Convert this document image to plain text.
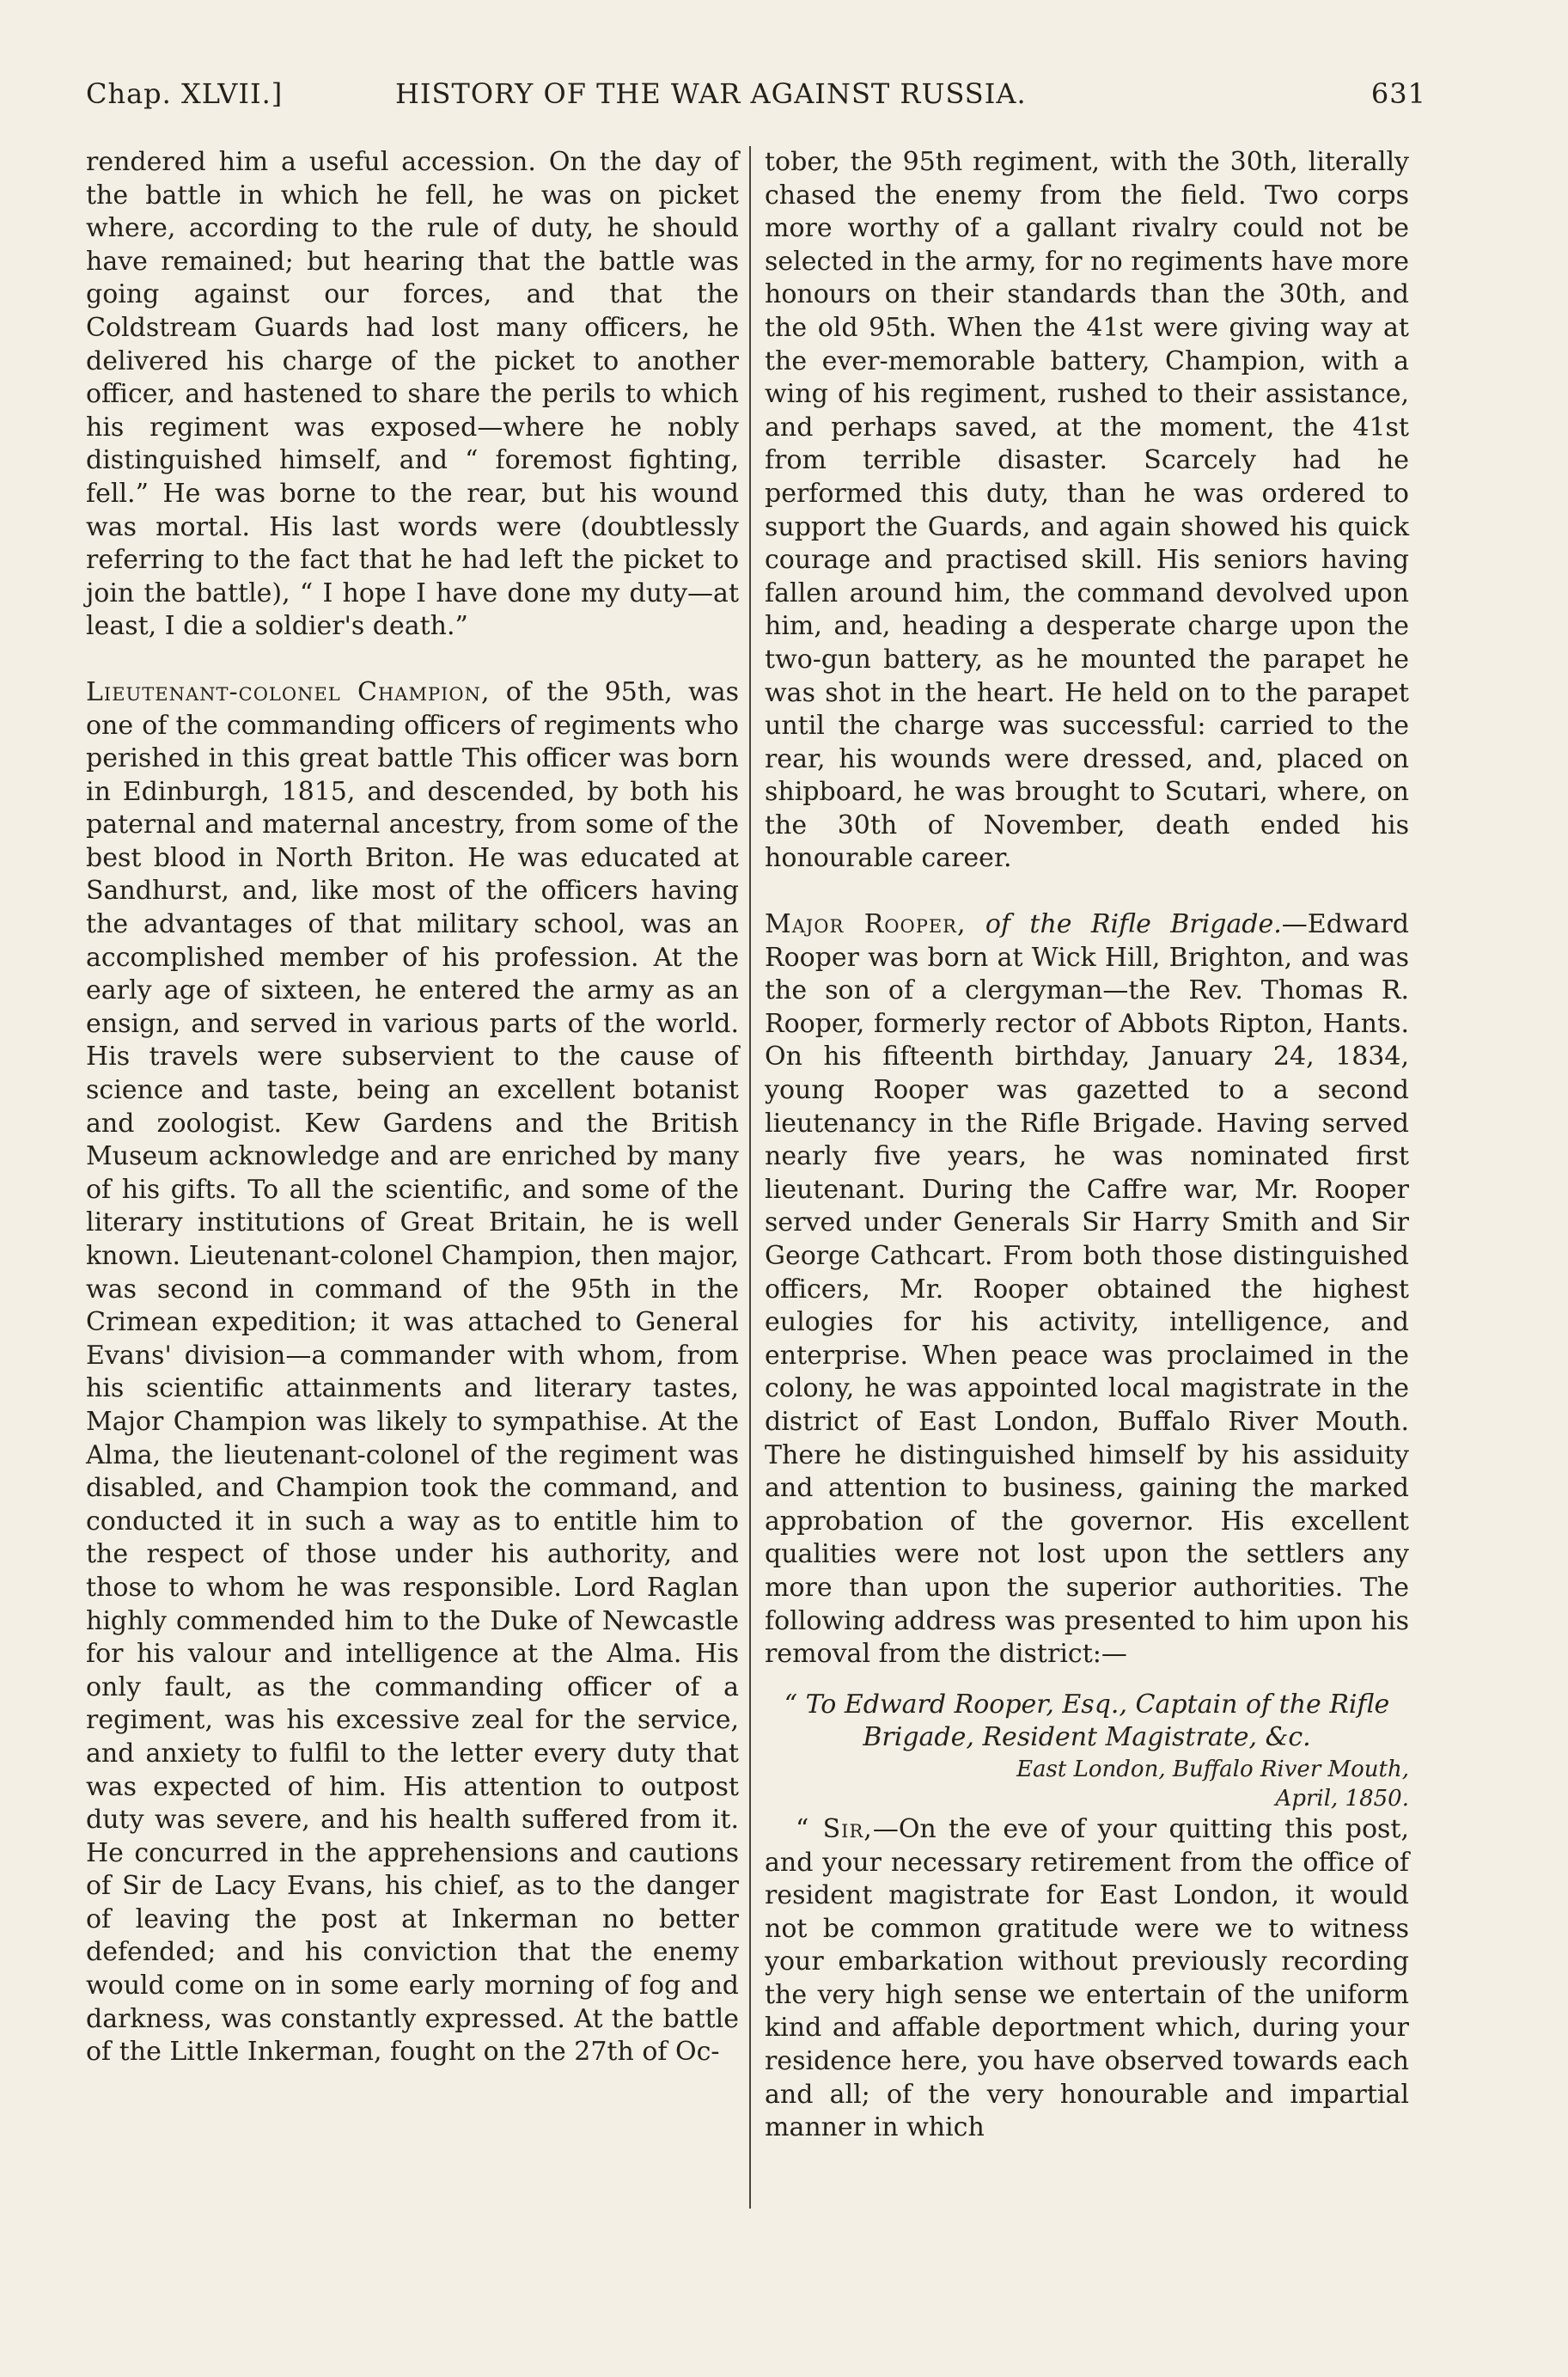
Chap. XLVII.]	HISTORY OF THE WAR AGAINST RUSSIA.	631

rendered him a useful accession. On the day of the battle in which he fell, he was on picket where, according to the rule of duty, he should have remained; but hearing that the battle was going against our forces, and that the Coldstream Guards had lost many officers, he delivered his charge of the picket to another officer, and hastened to share the perils to which his regiment was exposed—where he nobly distinguished himself, and “ foremost fighting, fell.” He was borne to the rear, but his wound was mortal. His last words were (doubtlessly referring to the fact that he had left the picket to join the battle), “ I hope I have done my duty—at least, I die a soldier's death.”

Lieutenant-colonel Champion, of the 95th, was one of the commanding officers of regiments who perished in this great battle This officer was born in Edinburgh, 1815, and descended, by both his paternal and maternal ancestry, from some of the best blood in North Briton. He was educated at Sandhurst, and, like most of the officers having the advantages of that military school, was an accomplished member of his profession. At the early age of sixteen, he entered the army as an ensign, and served in various parts of the world. His travels were subservient to the cause of science and taste, being an excellent botanist and zoologist. Kew Gardens and the British Museum acknowledge and are enriched by many of his gifts. To all the scientific, and some of the literary institutions of Great Britain, he is well known. Lieutenant-colonel Champion, then major, was second in command of the 95th in the Crimean expedition; it was attached to General Evans' division—a commander with whom, from his scientific attainments and literary tastes, Major Champion was likely to sympathise. At the Alma, the lieutenant-colonel of the regiment was disabled, and Champion took the command, and conducted it in such a way as to entitle him to the respect of those under his authority, and those to whom he was responsible. Lord Raglan highly commended him to the Duke of Newcastle for his valour and intelligence at the Alma. His only fault, as the commanding officer of a regiment, was his excessive zeal for the service, and anxiety to fulfil to the letter every duty that was expected of him. His attention to outpost duty was severe, and his health suffered from it. He concurred in the apprehensions and cautions of Sir de Lacy Evans, his chief, as to the danger of leaving the post at Inkerman no better defended; and his conviction that the enemy would come on in some early morning of fog and darkness, was constantly expressed. At the battle of the Little Inkerman, fought on the 27th of Oc-

tober, the 95th regiment, with the 30th, literally chased the enemy from the field. Two corps more worthy of a gallant rivalry could not be selected in the army, for no regiments have more honours on their standards than the 30th, and the old 95th. When the 41st were giving way at the ever-memorable battery, Champion, with a wing of his regiment, rushed to their assistance, and perhaps saved, at the moment, the 41st from terrible disaster. Scarcely had he performed this duty, than he was ordered to support the Guards, and again showed his quick courage and practised skill. His seniors having fallen around him, the command devolved upon him, and, heading a desperate charge upon the two-gun battery, as he mounted the parapet he was shot in the heart. He held on to the parapet until the charge was successful: carried to the rear, his wounds were dressed, and, placed on shipboard, he was brought to Scutari, where, on the 30th of November, death ended his honourable career.

Major Rooper, of the Rifle Brigade.—Edward Rooper was born at Wick Hill, Brighton, and was the son of a clergyman—the Rev. Thomas R. Rooper, formerly rector of Abbots Ripton, Hants. On his fifteenth birthday, January 24, 1834, young Rooper was gazetted to a second lieutenancy in the Rifle Brigade. Having served nearly five years, he was nominated first lieutenant. During the Caffre war, Mr. Rooper served under Generals Sir Harry Smith and Sir George Cathcart. From both those distinguished officers, Mr. Rooper obtained the highest eulogies for his activity, intelligence, and enterprise. When peace was proclaimed in the colony, he was appointed local magistrate in the district of East London, Buffalo River Mouth. There he distinguished himself by his assiduity and attention to business, gaining the marked approbation of the governor. His excellent qualities were not lost upon the settlers any more than upon the superior authorities. The following address was presented to him upon his removal from the district:—

“ To Edward Rooper, Esq., Captain of the Rifle Brigade, Resident Magistrate, &c.

East London, Buffalo River Mouth,

April, 1850.

“ Sir,—On the eve of your quitting this post, and your necessary retirement from the office of resident magistrate for East London, it would not be common gratitude were we to witness your embarkation without previously recording the very high sense we entertain of the uniform kind and affable deportment which, during your residence here, you have observed towards each and all; of the very honourable and impartial manner in which
